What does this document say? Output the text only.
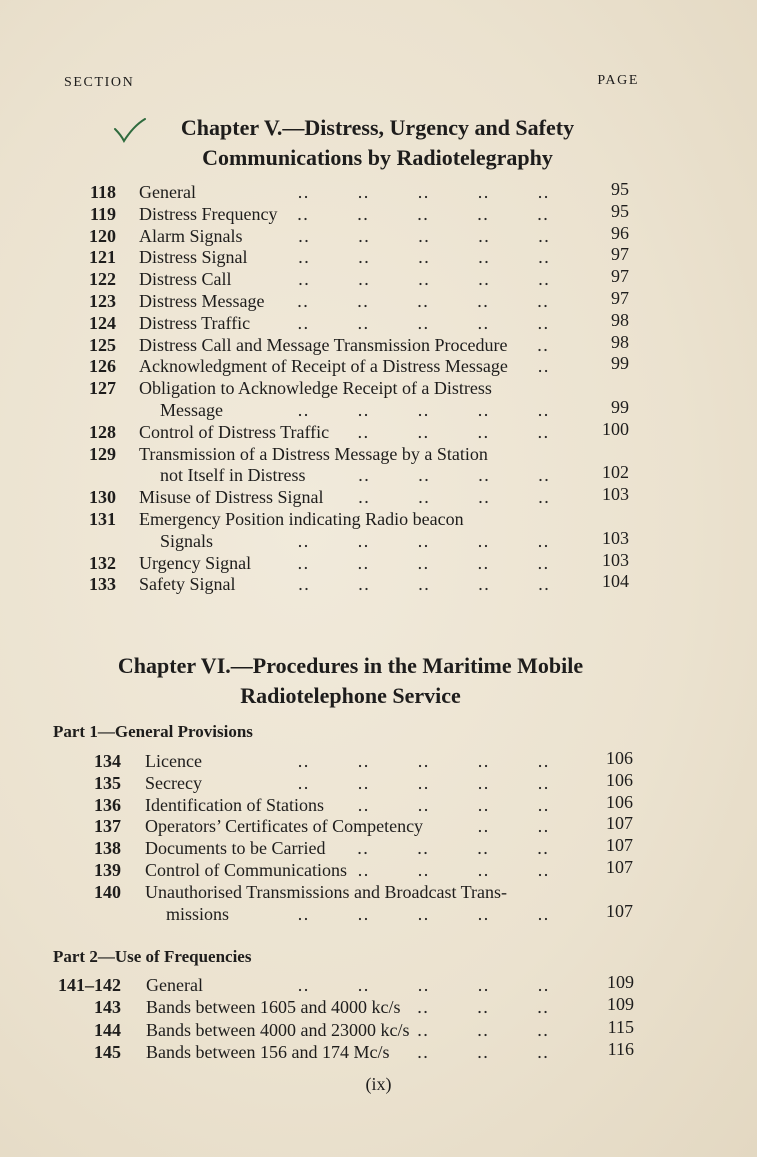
SECTION	PAGE
Chapter V.—Distress, Urgency and Safety
Communications by Radiotelegraphy
118 General	95
119 Distress Frequency	95
120 Alarm Signals	96
121 Distress Signal	97
122 Distress Call	97
123 Distress Message	97
124 Distress Traffic	98
125 Distress Call and Message Transmission Procedure	98
126 Acknowledgment of Receipt of a Distress Message	99
127 Obligation to Acknowledge Receipt of a Distress
Message	99
128 Control of Distress Traffic	100
129 Transmission of a Distress Message by a Station
not Itself in Distress	102
130 Misuse of Distress Signal	103
131 Emergency Position indicating Radio beacon
Signals	103
132 Urgency Signal	103
133 Safety Signal	104
Chapter VI.—Procedures in the Maritime Mobile
Radiotelephone Service
Part 1—General Provisions
134 Licence	106
135 Secrecy	106
136 Identification of Stations	106
137 Operators’ Certificates of Competency	107
138 Documents to be Carried	107
139 Control of Communications	107
140 Unauthorised Transmissions and Broadcast Trans-
missions	107
Part 2—Use of Frequencies
141–142 General	109
143 Bands between 1605 and 4000 kc/s	109
144 Bands between 4000 and 23000 kc/s	115
145 Bands between 156 and 174 Mc/s	116
(ix)
